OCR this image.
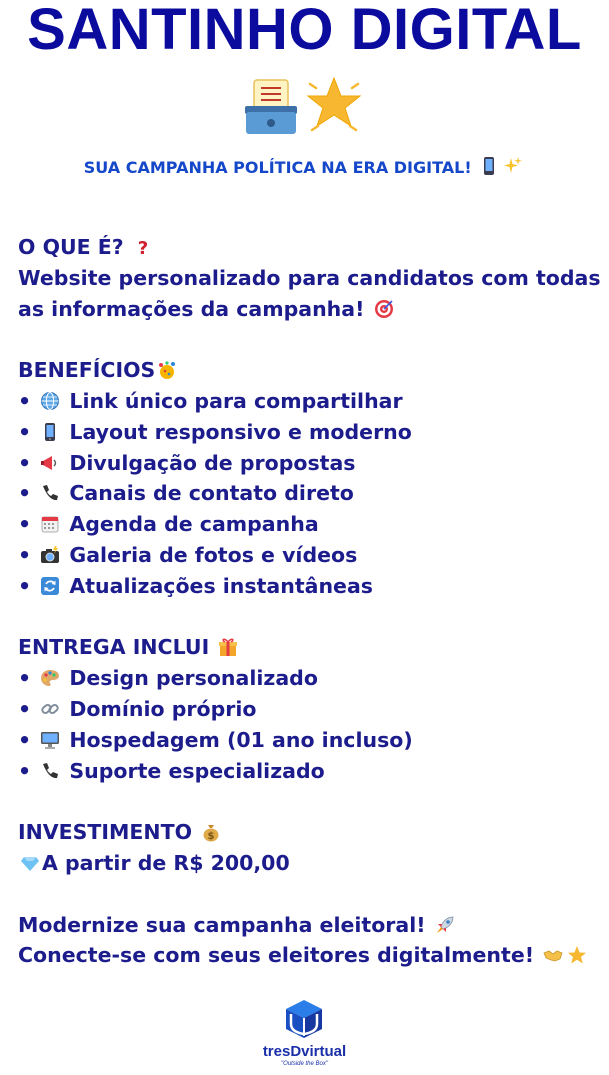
SANTINHO DIGITAL
SUA CAMPANHA POLÍTICA NA ERA DIGITAL!
O QUE É? ?
Website personalizado para candidatos com todas
as informações da campanha!
BENEFÍCIOS
• Link único para compartilhar
• Layout responsivo e moderno
• Divulgação de propostas
• Canais de contato direto
• Agenda de campanha
• Galeria de fotos e vídeos
• Atualizações instantâneas
ENTREGA INCLUI
• Design personalizado
• Domínio próprio
• Hospedagem (01 ano incluso)
• Suporte especializado
INVESTIMENTO $
A partir de R$ 200,00
Modernize sua campanha eleitoral!
Conecte-se com seus eleitores digitalmente!
tresDvirtual
"Outside the Box"
